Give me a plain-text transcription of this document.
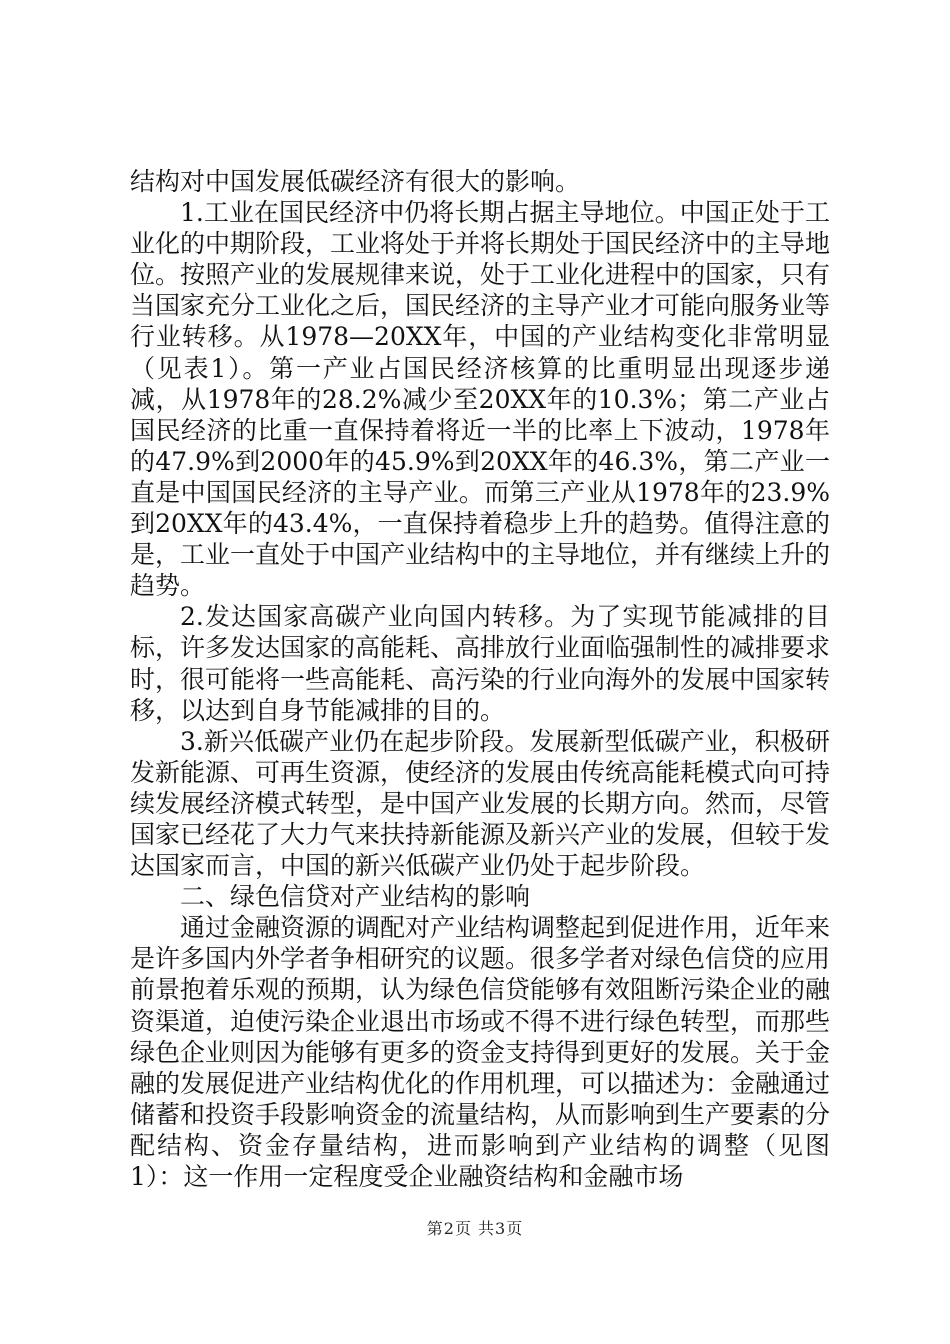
结构对中国发展低碳经济有很大的影响。

1.工业在国民经济中仍将长期占据主导地位。中国正处于工业化的中期阶段，工业将处于并将长期处于国民经济中的主导地位。按照产业的发展规律来说，处于工业化进程中的国家，只有当国家充分工业化之后，国民经济的主导产业才可能向服务业等行业转移。从1978—20XX年，中国的产业结构变化非常明显（见表1）。第一产业占国民经济核算的比重明显出现逐步递减，从1978年的28.2%减少至20XX年的10.3%；第二产业占国民经济的比重一直保持着将近一半的比率上下波动，1978年的47.9%到2000年的45.9%到20XX年的46.3%，第二产业一直是中国国民经济的主导产业。而第三产业从1978年的23.9%到20XX年的43.4%，一直保持着稳步上升的趋势。值得注意的是，工业一直处于中国产业结构中的主导地位，并有继续上升的趋势。

2.发达国家高碳产业向国内转移。为了实现节能减排的目标，许多发达国家的高能耗、高排放行业面临强制性的减排要求时，很可能将一些高能耗、高污染的行业向海外的发展中国家转移，以达到自身节能减排的目的。

3.新兴低碳产业仍在起步阶段。发展新型低碳产业，积极研发新能源、可再生资源，使经济的发展由传统高能耗模式向可持续发展经济模式转型，是中国产业发展的长期方向。然而，尽管国家已经花了大力气来扶持新能源及新兴产业的发展，但较于发达国家而言，中国的新兴低碳产业仍处于起步阶段。

二、绿色信贷对产业结构的影响

通过金融资源的调配对产业结构调整起到促进作用，近年来是许多国内外学者争相研究的议题。很多学者对绿色信贷的应用前景抱着乐观的预期，认为绿色信贷能够有效阻断污染企业的融资渠道，迫使污染企业退出市场或不得不进行绿色转型，而那些绿色企业则因为能够有更多的资金支持得到更好的发展。关于金融的发展促进产业结构优化的作用机理，可以描述为：金融通过储蓄和投资手段影响资金的流量结构，从而影响到生产要素的分配结构、资金存量结构，进而影响到产业结构的调整（见图1）：这一作用一定程度受企业融资结构和金融市场

第2页 共3页
